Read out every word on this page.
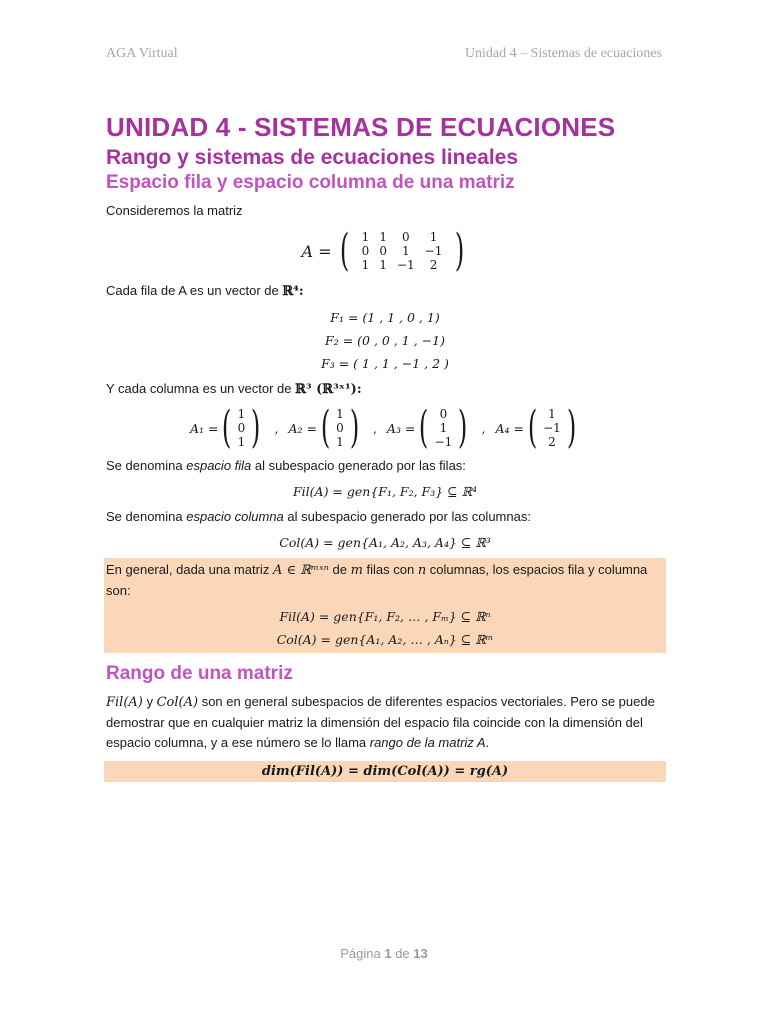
AGA Virtual	Unidad 4 – Sistemas de ecuaciones
UNIDAD 4 - SISTEMAS DE ECUACIONES
Rango y sistemas de ecuaciones lineales
Espacio fila y espacio columna de una matriz

Consideremos la matriz

A = ( 1	1	0	1
0	0	1	−1
1	1	−1	2 )

Cada fila de A es un vector de ℝ⁴:

F₁ = (1 , 1 , 0 , 1)
F₂ = (0 , 0 , 1 , −1)
F₃ = ( 1 , 1 , −1 , 2 )

Y cada columna es un vector de ℝ³ (ℝ³ˣ¹):

A₁ = ( 1
0
1 ) , A₂ = ( 1
0
1 ) , A₃ = ( 0
1
−1 ) , A₄ = ( 1
−1
2 )

Se denomina espacio fila al subespacio generado por las filas:

Fil(A) = gen{F₁, F₂, F₃} ⊆ ℝ⁴

Se denomina espacio columna al subespacio generado por las columnas:

Col(A) = gen{A₁, A₂, A₃, A₄} ⊆ ℝ³

En general, dada una matriz A ∈ ℝᵐˣⁿ de m filas con n columnas, los espacios fila y columna son:

Fil(A) = gen{F₁, F₂, … , Fₘ} ⊆ ℝⁿ
Col(A) = gen{A₁, A₂, … , Aₙ} ⊆ ℝᵐ
Rango de una matriz

Fil(A) y Col(A) son en general subespacios de diferentes espacios vectoriales. Pero se puede demostrar que en cualquier matriz la dimensión del espacio fila coincide con la dimensión del espacio columna, y a ese número se lo llama rango de la matriz A.

dim(Fil(A)) = dim(Col(A)) = rg(A)
Página 1 de 13
